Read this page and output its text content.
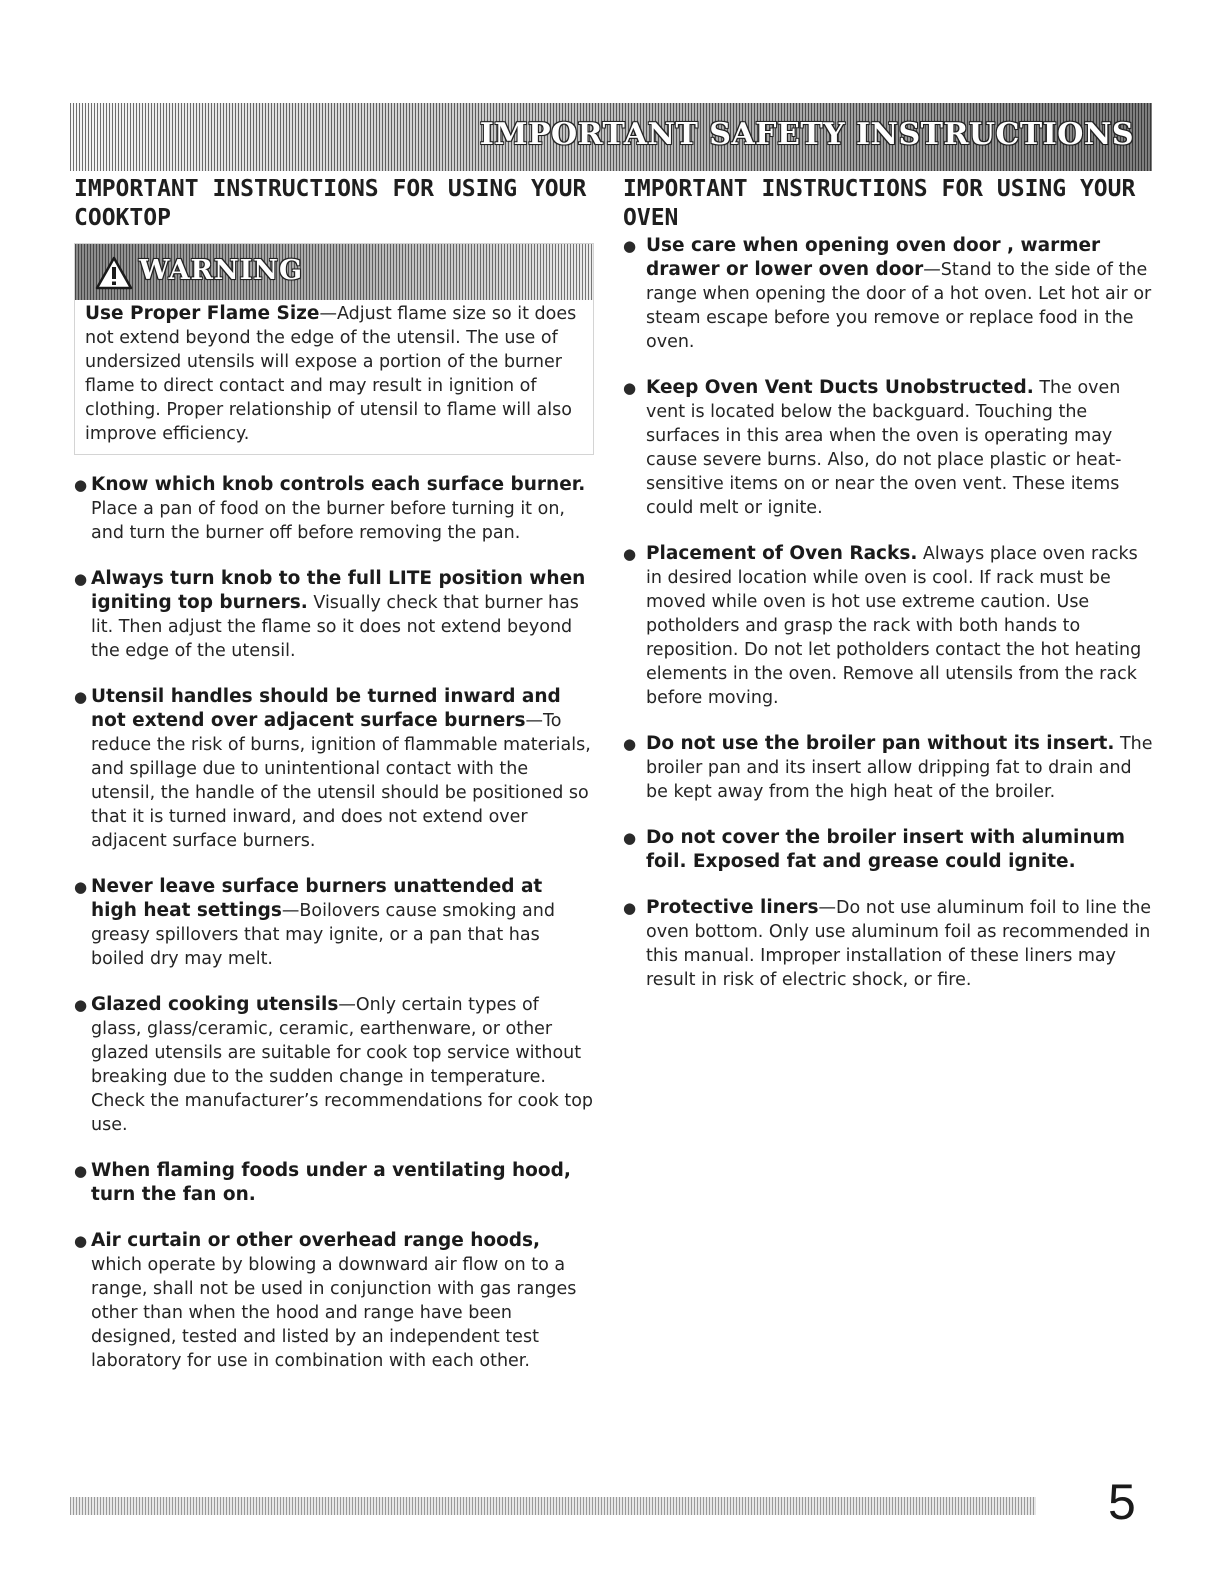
IMPORTANT SAFETY INSTRUCTIONS
IMPORTANT INSTRUCTIONS FOR USING YOUR COOKTOP
WARNING
Use Proper Flame Size—Adjust flame size so it does not extend beyond the edge of the utensil. The use of undersized utensils will expose a portion of the burner flame to direct contact and may result in ignition of clothing. Proper relationship of utensil to flame will also improve efficiency.
● Know which knob controls each surface burner. Place a pan of food on the burner before turning it on, and turn the burner off before removing the pan.
● Always turn knob to the full LITE position when igniting top burners. Visually check that burner has lit. Then adjust the flame so it does not extend beyond the edge of the utensil.
● Utensil handles should be turned inward and not extend over adjacent surface burners—To reduce the risk of burns, ignition of flammable materials, and spillage due to unintentional contact with the utensil, the handle of the utensil should be positioned so that it is turned inward, and does not extend over adjacent surface burners.
● Never leave surface burners unattended at high heat settings—Boilovers cause smoking and greasy spillovers that may ignite, or a pan that has boiled dry may melt.
● Glazed cooking utensils—Only certain types of glass, glass/ceramic, ceramic, earthenware, or other glazed utensils are suitable for cook top service without breaking due to the sudden change in temperature. Check the manufacturer’s recommendations for cook top use.
● When flaming foods under a ventilating hood, turn the fan on.
● Air curtain or other overhead range hoods, which operate by blowing a downward air flow on to a range, shall not be used in conjunction with gas ranges other than when the hood and range have been designed, tested and listed by an independent test laboratory for use in combination with each other.
IMPORTANT INSTRUCTIONS FOR USING YOUR OVEN
● Use care when opening oven door , warmer drawer or lower oven door—Stand to the side of the range when opening the door of a hot oven. Let hot air or steam escape before you remove or replace food in the oven.
● Keep Oven Vent Ducts Unobstructed. The oven vent is located below the backguard. Touching the surfaces in this area when the oven is operating may cause severe burns. Also, do not place plastic or heat-sensitive items on or near the oven vent. These items could melt or ignite.
● Placement of Oven Racks. Always place oven racks in desired location while oven is cool. If rack must be moved while oven is hot use extreme caution. Use potholders and grasp the rack with both hands to reposition. Do not let potholders contact the hot heating elements in the oven. Remove all utensils from the rack before moving.
● Do not use the broiler pan without its insert. The broiler pan and its insert allow dripping fat to drain and be kept away from the high heat of the broiler.
● Do not cover the broiler insert with aluminum foil. Exposed fat and grease could ignite.
● Protective liners—Do not use aluminum foil to line the oven bottom. Only use aluminum foil as recommended in this manual. Improper installation of these liners may result in risk of electric shock, or fire.

5
